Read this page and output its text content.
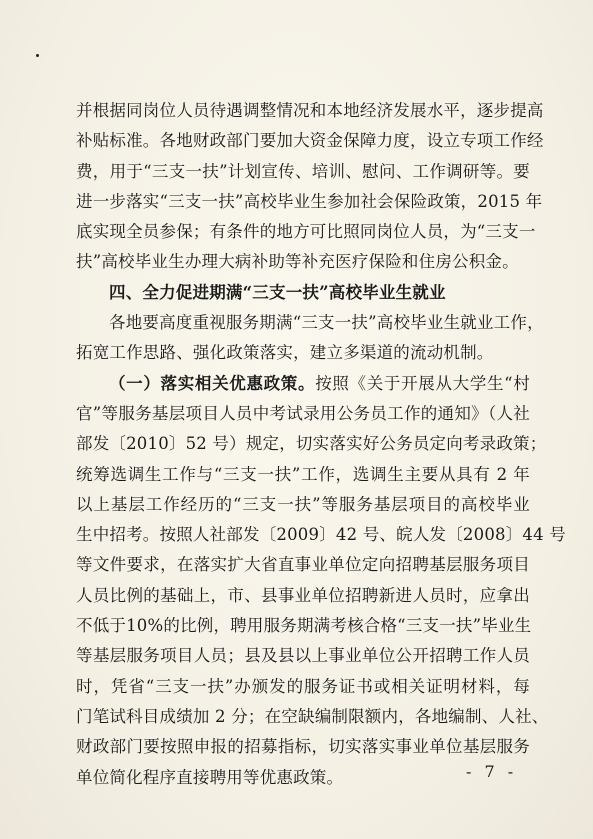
并根据同岗位人员待遇调整情况和本地经济发展水平，逐步提高
补贴标准。各地财政部门要加大资金保障力度，设立专项工作经
费，用于“三支一扶”计划宣传、培训、慰问、工作调研等。要
进一步落实“三支一扶”高校毕业生参加社会保险政策，2015 年
底实现全员参保；有条件的地方可比照同岗位人员，为“三支一
扶”高校毕业生办理大病补助等补充医疗保险和住房公积金。
四、全力促进期满“三支一扶”高校毕业生就业
各地要高度重视服务期满“三支一扶”高校毕业生就业工作，
拓宽工作思路、强化政策落实，建立多渠道的流动机制。
（一）落实相关优惠政策。按照《关于开展从大学生“村
官”等服务基层项目人员中考试录用公务员工作的通知》（人社
部发〔2010〕52 号）规定，切实落实好公务员定向考录政策；
统筹选调生工作与“三支一扶”工作，选调生主要从具有 2 年
以上基层工作经历的“三支一扶”等服务基层项目的高校毕业
生中招考。按照人社部发〔2009〕42 号、皖人发〔2008〕44 号
等文件要求，在落实扩大省直事业单位定向招聘基层服务项目
人员比例的基础上，市、县事业单位招聘新进人员时，应拿出
不低于10%的比例，聘用服务期满考核合格“三支一扶”毕业生
等基层服务项目人员；县及县以上事业单位公开招聘工作人员
时，凭省“三支一扶”办颁发的服务证书或相关证明材料，每
门笔试科目成绩加 2 分；在空缺编制限额内，各地编制、人社、
财政部门要按照申报的招募指标，切实落实事业单位基层服务
单位简化程序直接聘用等优惠政策。	- 7 -
